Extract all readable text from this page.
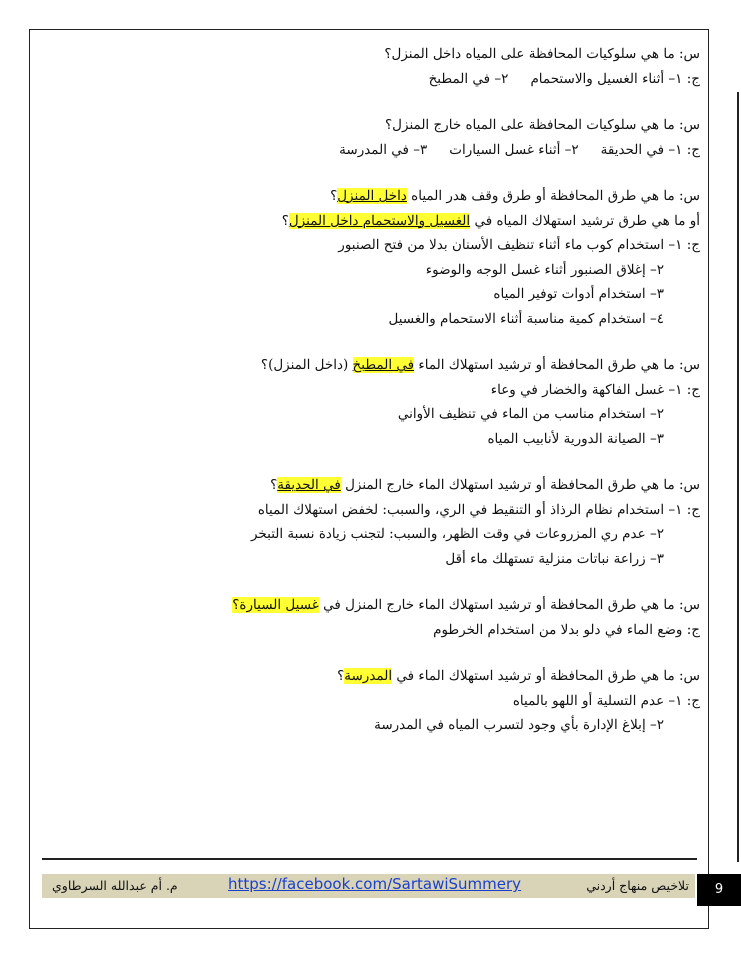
س: ما هي سلوكيات المحافظة على المياه داخل المنزل؟
ج: ١– أثناء الغسيل والاستحمام٢– في المطبخ
س: ما هي سلوكيات المحافظة على المياه خارج المنزل؟
ج: ١– في الحديقة٢– أثناء غسل السيارات٣– في المدرسة
س: ما هي طرق المحافظة أو طرق وقف هدر المياه داخل المنزل؟
أو ما هي طرق ترشيد استهلاك المياه في الغسيل والاستحمام داخل المنزل؟
ج: ١– استخدام كوب ماء أثناء تنظيف الأسنان بدلا من فتح الصنبور
٢– إغلاق الصنبور أثناء غسل الوجه والوضوء
٣– استخدام أدوات توفير المياه
٤– استخدام كمية مناسبة أثناء الاستحمام والغسيل
س: ما هي طرق المحافظة أو ترشيد استهلاك الماء في المطبخ (داخل المنزل)؟
ج: ١– غسل الفاكهة والخضار في وعاء
٢– استخدام مناسب من الماء في تنظيف الأواني
٣– الصيانة الدورية لأنابيب المياه
س: ما هي طرق المحافظة أو ترشيد استهلاك الماء خارج المنزل في الحديقة؟
ج: ١– استخدام نظام الرذاذ أو التنقيط في الري، والسبب: لخفض استهلاك المياه
٢– عدم ري المزروعات في وقت الظهر، والسبب: لتجنب زيادة نسبة التبخر
٣– زراعة نباتات منزلية تستهلك ماء أقل
س: ما هي طرق المحافظة أو ترشيد استهلاك الماء خارج المنزل في غسيل السيارة؟
ج: وضع الماء في دلو بدلا من استخدام الخرطوم
س: ما هي طرق المحافظة أو ترشيد استهلاك الماء في المدرسة؟
ج: ١– عدم التسلية أو اللهو بالمياه
٢– إبلاغ الإدارة بأي وجود لتسرب المياه في المدرسة
تلاخيص منهاج أردني
https://facebook.com/SartawiSummery
م. أم عبدالله السرطاوي	9
